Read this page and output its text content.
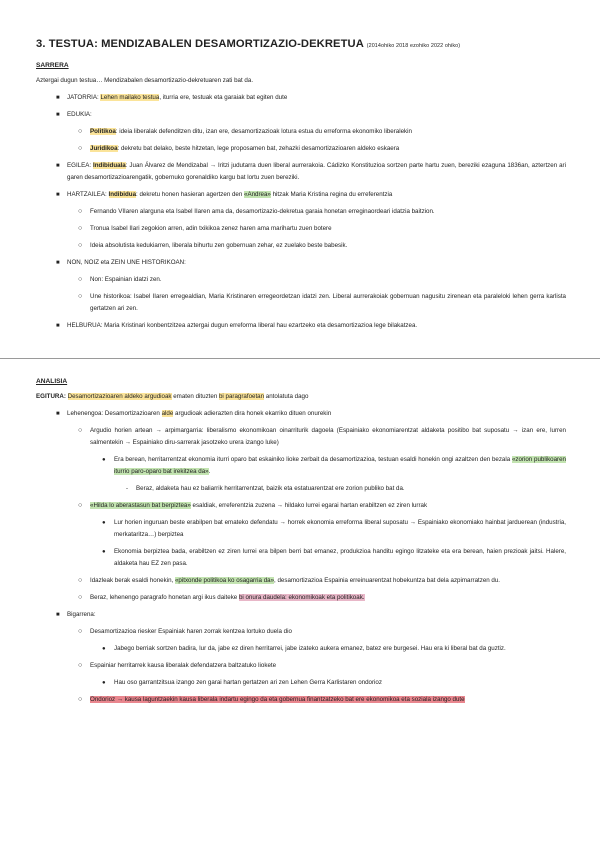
3. TESTUA: MENDIZABALEN DESAMORTIZAZIO-DEKRETUA (2014ohiko 2018 ezohiko 2022 ohiko)
SARRERA
Aztergai dugun testua… Mendizabalen desamortizazio-dekretuaren zati bat da.
■ JATORRIA: Lehen mailako testua, iturria ere, testuak eta garaiak bat egiten dute
■ EDUKIA:
○ Politikoa: ideia liberalak defenditzen ditu, izan ere, desamortizazioak lotura estua du erreforma ekonomiko liberalekin
○ Juridikoa: dekretu bat delako, beste hitzetan, lege proposamen bat, zehazki desamortizazioaren aldeko eskaera
■ EGILEA: Indibiduala: Juan Álvarez de Mendizabal → Iritzi judutarra duen liberal aurrerakoia. Cádizko Konstituzioa sortzen parte hartu zuen, bereziki ezaguna 1836an, aztertzen ari garen desamortizazioarengatik, gobernuko gorenaldiko kargu bat lortu zuen bereziki.
■ HARTZAILEA: Indibidua: dekretu honen hasieran agertzen den «Andrea» hitzak Maria Kristina regina du erreferentzia
○ Fernando VIIaren alarguna eta Isabel IIaren ama da, desamortizazio-dekretua garaia honetan erreginaordeari idatzia baitzion.
○ Tronua Isabel IIari zegokion arren, adin txikikoa zenez haren ama marihartu zuen botere
○ Ideia absolutista kedukiarren, liberala bihurtu zen gobernuan zehar, ez zuelako beste babesik.
■ NON, NOIZ eta ZEIN UNE HISTORIKOAN:
○ Non: Espainian idatzi zen.
○ Une historikoa: Isabel IIaren erregealdian, Maria Kristinaren erregeordetzan idatzi zen. Liberal aurrerakoiak gobernuan nagusitu zirenean eta paraleloki lehen gerra karlista gertatzen ari zen.
■ HELBURUA: Maria Kristinari konbentzitzea aztergai dugun erreforma liberal hau ezartzeko eta desamortizazioa lege bilakatzea.
ANALISIA
EGITURA: Desamortizazioaren aldeko argudioak ematen dituzten bi paragrafoetan antolatuta dago
■ Lehenengoa: Desamortizazioaren alde argudioak adierazten dira honek ekarriko dituen onurekin
○ Argudio horien artean → arpimargarria: liberalismo ekonomikoan oinarriturik dagoela (Espainiako ekonomiarentzat aldaketa positibo bat suposatu → izan ere, lurren salmentekin → Espainiako diru-sarrerak jasotzeko urera izango luke)
● Era berean, herritarrentzat ekonomia iturri oparo bat eskainiko lioke zerbait da desamortizazioa, testuan esaldi honekin ongi azaltzen den bezala «zorion publikoaren iturrio paro-oparo bat irekitzea da».
- Beraz, aldaketa hau ez baliarrik herritarrentzat, baizik eta estatuarentzat ere zorion publiko bat da.
○ «Hilda lo aberastasun bat berpiztea» esaldiak, erreferentzia zuzena → hildako lurrei egarai hartan erabiltzen ez ziren lurrak
● Lur horien inguruan beste erabilpen bat emateko defendatu → horrek ekonomia erreforma liberal suposatu → Espainiako ekonomiako hainbat jarduerean (industria, merkataritza…) berpiztea
● Ekonomia berpiztea bada, erabiltzen ez ziren lurrei era bilpen berri bat emanez, produkzioa handitu egingo litzateke eta era berean, haien prezioak jaitsi. Halere, aldaketa hau EZ zen pasa.
○ Idazleak berak esaldi honekin, «pitxonde politikoa ko osagarria da», desamortizazioa Espainia erreinuarentzat hobekuntza bat dela azpimarratzen du.
○ Beraz, lehenengo paragrafo honetan argi ikus daiteke bi onura daudela: ekonomikoak eta politikoak.
■ Bigarrena:
○ Desamortizazioa riesker Espainiak haren zorrak kentzea lortuko duela dio
● Jabego berriak sortzen badira, lur da, jabe ez diren herritarrei, jabe izateko aukera emanez, batez ere burgesei. Hau era ki liberal bat da guztiz.
○ Espainiar herritarrek kausa liberalak defendatzera baltzatuko liokete
● Hau oso garrantzitsua izango zen garai hartan gertatzen ari zen Lehen Gerra Karlistaren ondorioz
○ Ondorioz → kausa laguntzaekin kausa liberala indartu egingo da eta gobernua finantzatzeko bat ere ekonomikoa eta soziala izango dute
